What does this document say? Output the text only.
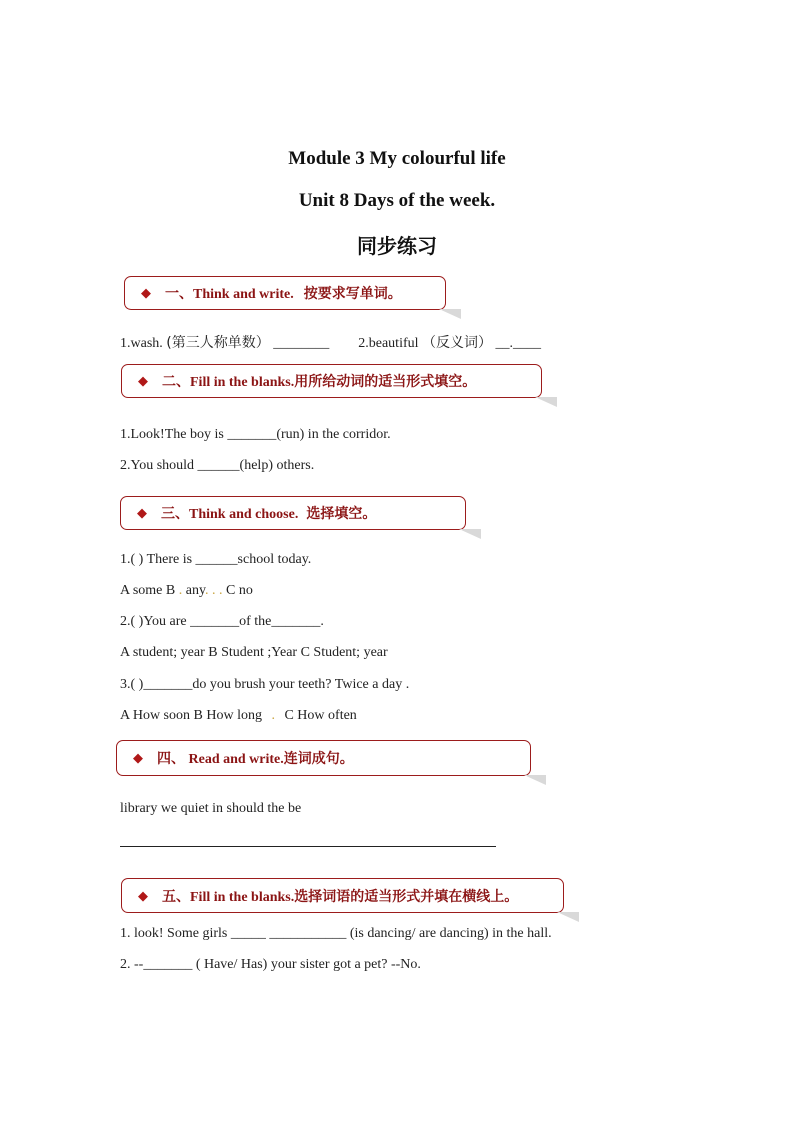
Module 3 My colourful life
Unit 8 Days of the week.
同步练习
◆ 一、Think and write. 按要求写单词。
1.wash. (第三人称单数） ________ 2.beautiful （反义词） __.____
◆ 二、Fill in the blanks. 用所给动词的适当形式填空。
1.Look!The boy is _______(run) in the corridor.
2.You should ______(help) others.
◆ 三、Think and choose. 选择填空。
1.( ) There is ______school today.
A some B . any. . . C no
2.( )You are _______of the_______.
A student; year B Student ;Year C Student; year
3.( )_______do you brush your teeth? Twice a day .
A How soon B How long . C How often
◆ 四、 Read and write. 连词成句。
library we quiet in should the be
◆ 五、Fill in the blanks. 选择词语的适当形式并填在横线上。
1. look! Some girls _____ ___________ (is dancing/ are dancing) in the hall.
2. --_______ ( Have/ Has) your sister got a pet? --No.
